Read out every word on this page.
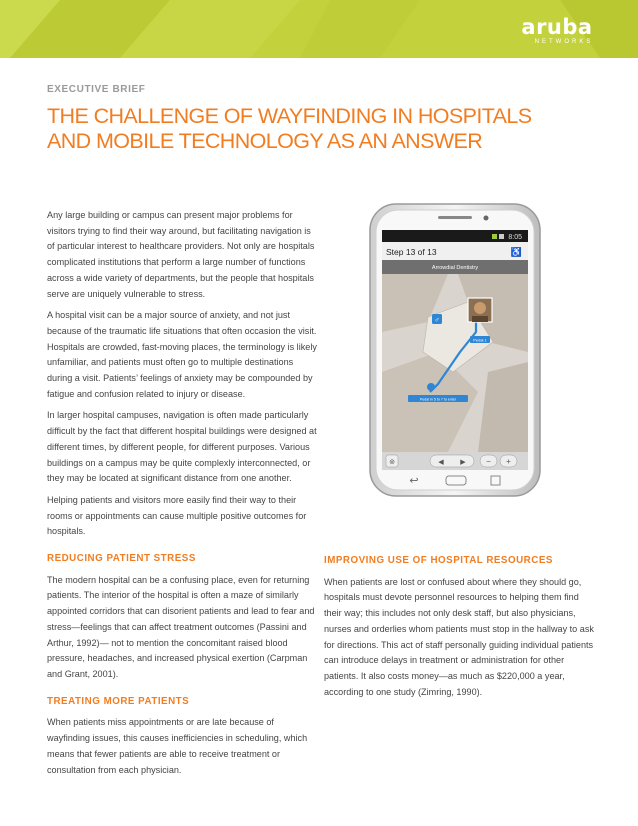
aruba
NETWORKS
EXECUTIVE BRIEF
THE CHALLENGE OF WAYFINDING IN HOSPITALS AND MOBILE TECHNOLOGY AS AN ANSWER

Any large building or campus can present major problems for visitors trying to find their way around, but facilitating navigation is of particular interest to healthcare providers. Not only are hospitals complicated institutions that perform a large number of functions across a wide variety of departments, but the people that hospitals serve are uniquely vulnerable to stress.

A hospital visit can be a major source of anxiety, and not just because of the traumatic life situations that often occasion the visit. Hospitals are crowded, fast-moving places, the terminology is likely unfamiliar, and patients must often go to multiple destinations during a visit. Patients’ feelings of anxiety may be compounded by fatigue and confusion related to injury or disease.

In larger hospital campuses, navigation is often made particularly difficult by the fact that different hospital buildings were designed at different times, by different people, for different purposes. Various buildings on a campus may be quite complexly interconnected, or they may be located at significant distance from one another.

Helping patients and visitors more easily find their way to their rooms or appointments can cause multiple positive outcomes for hospitals.

REDUCING PATIENT STRESS

The modern hospital can be a confusing place, even for returning patients. The interior of the hospital is often a maze of similarly appointed corridors that can disorient patients and lead to fear and stress—feelings that can affect treatment outcomes (Passini and Arthur, 1992)— not to mention the concomitant raised blood pressure, headaches, and increased physical exertion (Carpman and Grant, 2001).

TREATING MORE PATIENTS

When patients miss appointments or are late because of wayfinding issues, this causes inefficiencies in scheduling, which means that fewer patients are able to receive treatment or consultation from each physician.

IMPROVING USE OF HOSPITAL RESOURCES

When patients are lost or confused about where they should go, hospitals must devote personnel resources to helping them find their way; this includes not only desk staff, but also physicians, nurses and orderlies whom patients must stop in the hallway to ask for directions. This act of staff personally guiding individual patients can introduce delays in treatment or administration for other patients. It also costs money—as much as $220,000 a year, according to one study (Zimring, 1990).

8:05
Step 13 of 13	♿
Arrowdial Dentistry
♂
Pedal 1
Pedal in 5 to 7 to enter
⊚	◀ ▶	− +
↩
